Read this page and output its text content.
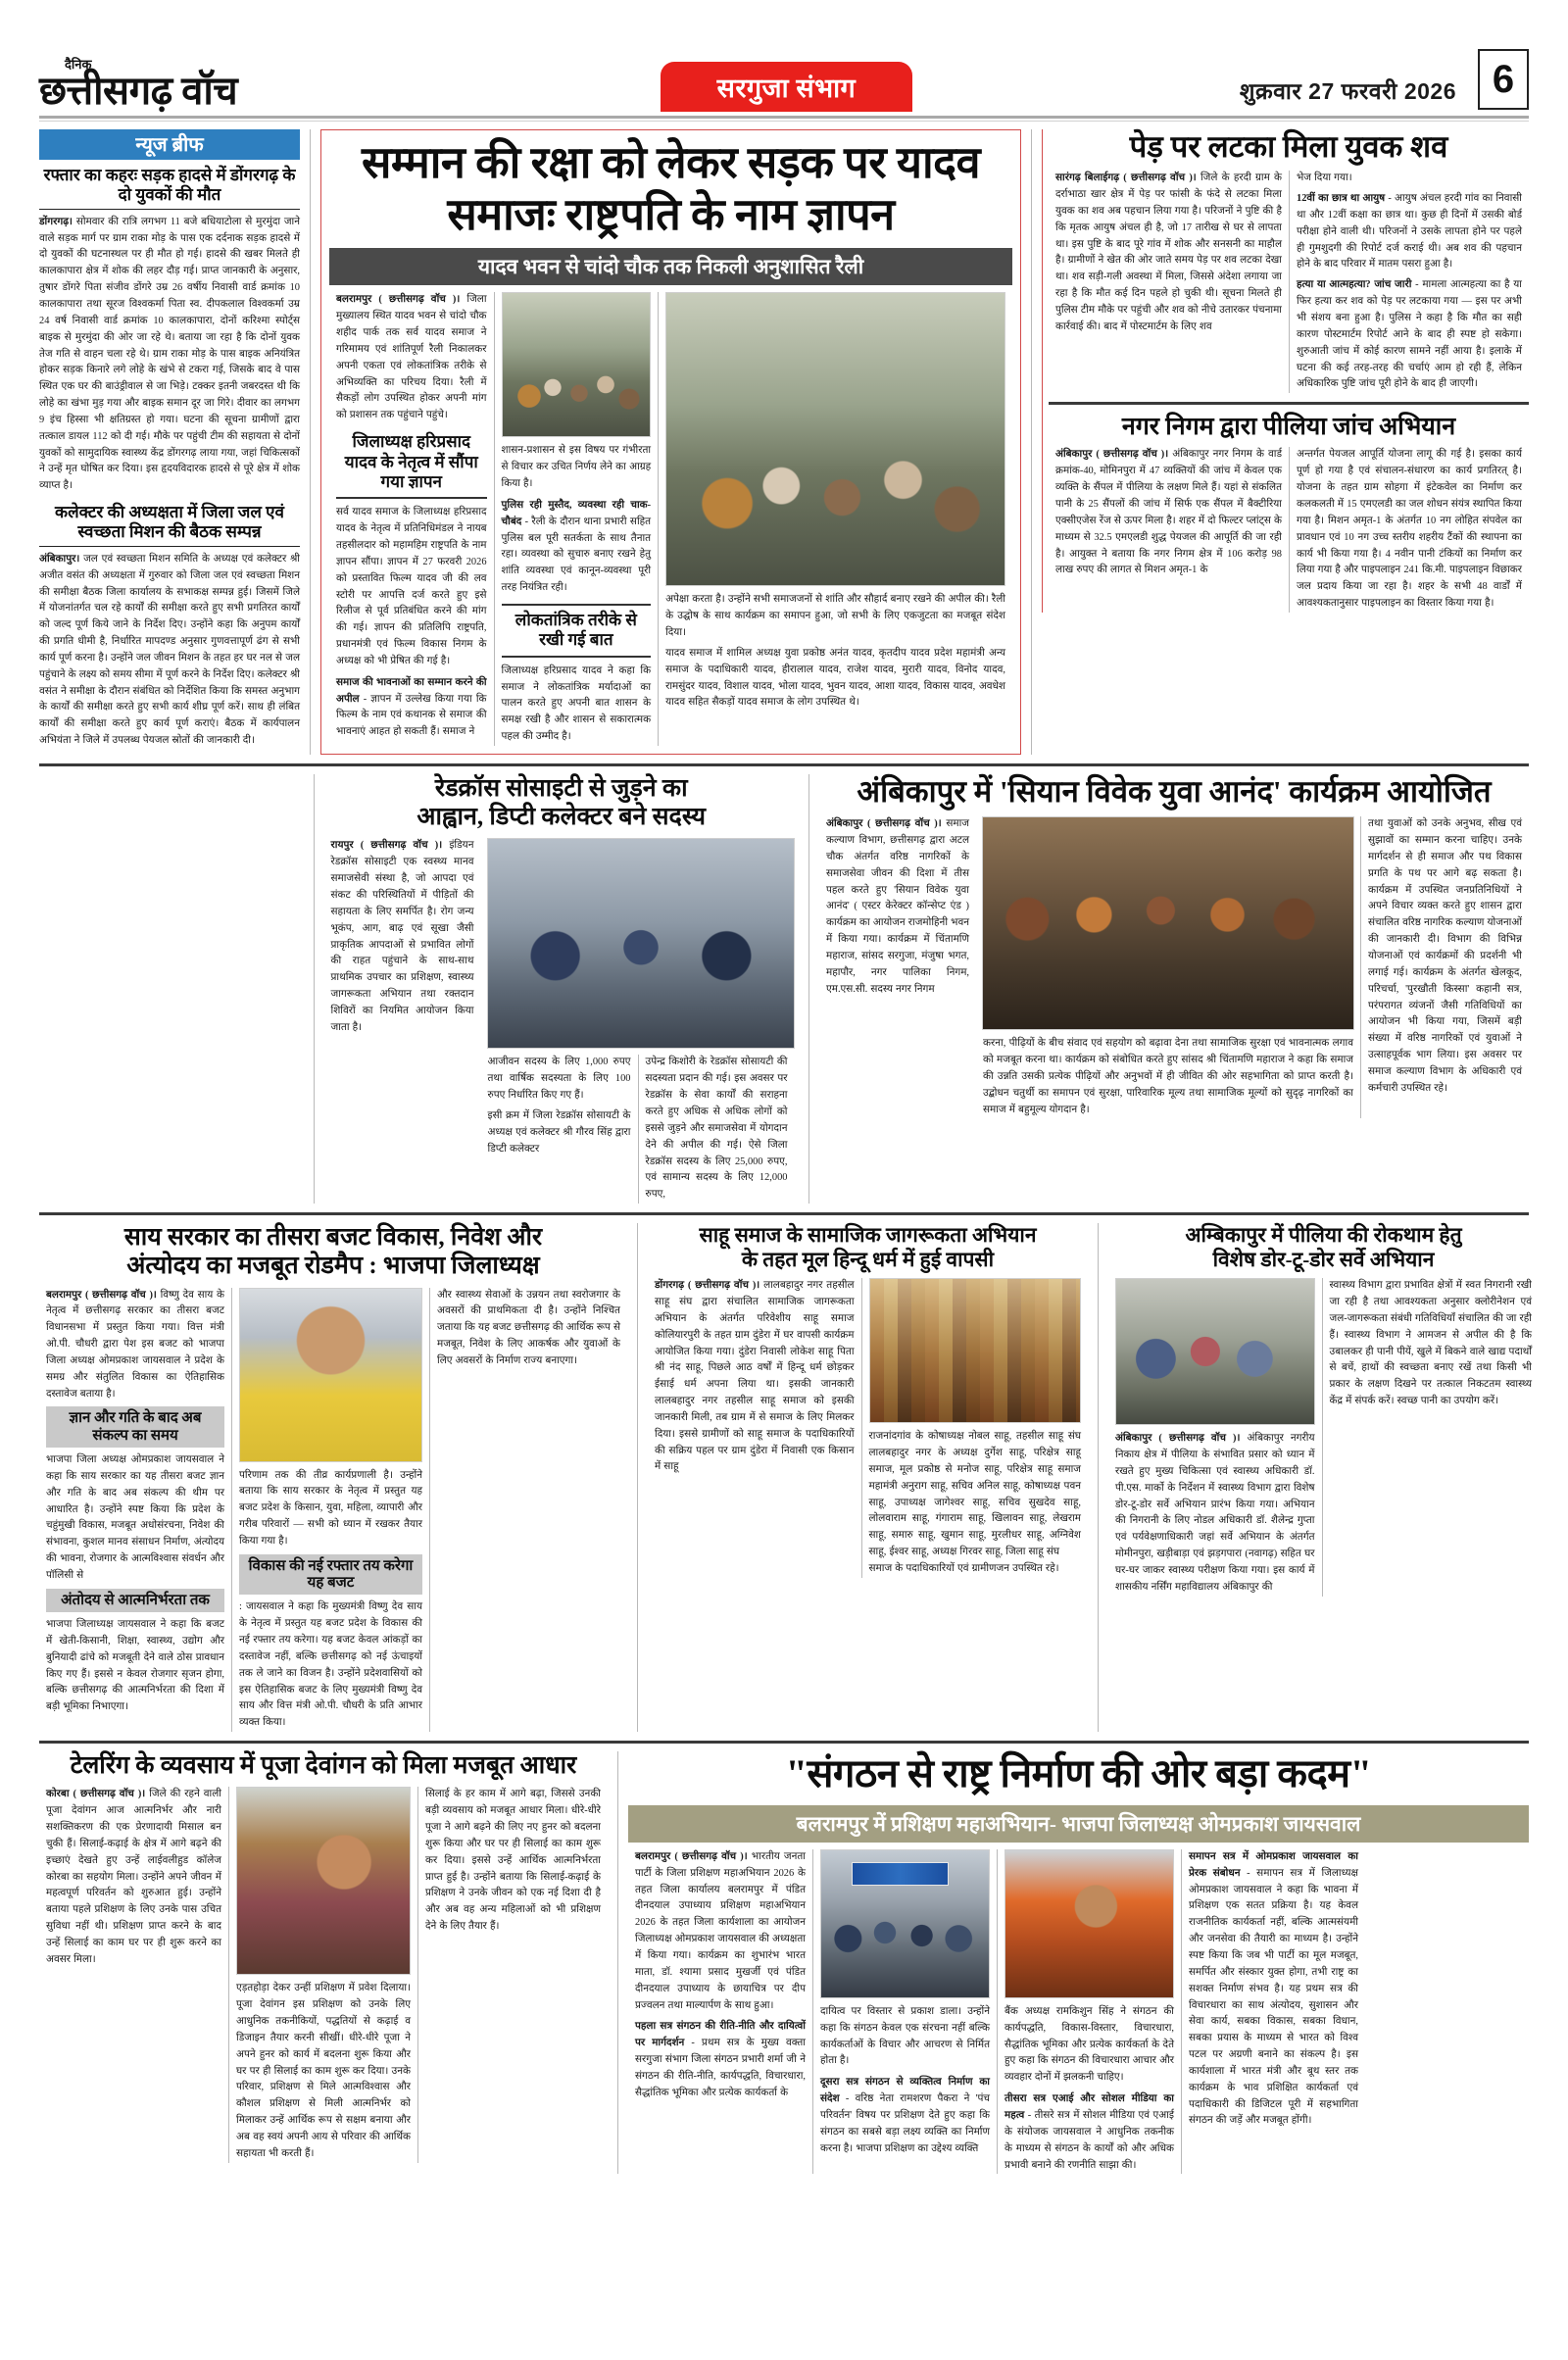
दैनिक
छत्तीसगढ़ वॉच	सरगुजा संभाग	शुक्रवार 27 फरवरी 2026 6
न्यूज ब्रीफ
रफ्तार का कहरः सड़क हादसे में डोंगरगढ़ के दो युवकों की मौत
डोंगरगढ़। सोमवार की रात्रि लगभग 11 बजे बधियाटोला से मुरमुंदा जाने वाले सड़क मार्ग पर ग्राम राका मोड़ के पास एक दर्दनाक सड़क हादसे में दो युवकों की घटनास्थल पर ही मौत हो गई। हादसे की खबर मिलते ही कालकापारा क्षेत्र में शोक की लहर दौड़ गई। प्राप्त जानकारी के अनुसार, तुषार डोंगरे पिता संजीव डोंगरे उम्र 26 वर्षीय निवासी वार्ड क्रमांक 10 कालकापारा तथा सूरज विश्वकर्मा पिता स्व. दीपकलाल विश्वकर्मा उम्र 24 वर्ष निवासी वार्ड क्रमांक 10 कालकापारा, दोनों करिश्मा स्पोर्ट्स बाइक से मुरमुंदा की ओर जा रहे थे। बताया जा रहा है कि दोनों युवक तेज गति से वाहन चला रहे थे। ग्राम राका मोड़ के पास बाइक अनियंत्रित होकर सड़क किनारे लगे लोहे के खंभे से टकरा गई, जिसके बाद वे पास स्थित एक घर की बाउंड्रीवाल से जा भिड़े। टक्कर इतनी जबरदस्त थी कि लोहे का खंभा मुड़ गया और बाइक समान दूर जा गिरे। दीवार का लगभग 9 इंच हिस्सा भी क्षतिग्रस्त हो गया। घटना की सूचना ग्रामीणों द्वारा तत्काल डायल 112 को दी गई। मौके पर पहुंची टीम की सहायता से दोनों युवकों को सामुदायिक स्वास्थ्य केंद्र डोंगरगढ़ लाया गया, जहां चिकित्सकों ने उन्हें मृत घोषित कर दिया। इस हृदयविदारक हादसे से पूरे क्षेत्र में शोक व्याप्त है।
कलेक्टर की अध्यक्षता में जिला जल एवं स्वच्छता मिशन की बैठक सम्पन्न
अंबिकापुर। जल एवं स्वच्छता मिशन समिति के अध्यक्ष एवं कलेक्टर श्री अजीत वसंत की अध्यक्षता में गुरुवार को जिला जल एवं स्वच्छता मिशन की समीक्षा बैठक जिला कार्यालय के सभाकक्ष सम्पन्न हुई। जिसमें जिले में योजनांतर्गत चल रहे कार्यों की समीक्षा करते हुए सभी प्रगतिरत कार्यों को जल्द पूर्ण किये जाने के निर्देश दिए। उन्होंने कहा कि अनुपम कार्यों की प्रगति धीमी है, निर्धारित मापदण्ड अनुसार गुणवत्तापूर्ण ढंग से सभी कार्य पूर्ण करना है। उन्होंने जल जीवन मिशन के तहत हर घर नल से जल पहुंचाने के लक्ष्य को समय सीमा में पूर्ण करने के निर्देश दिए। कलेक्टर श्री वसंत ने समीक्षा के दौरान संबंधित को निर्देशित किया कि समस्त अनुभाग के कार्यों की समीक्षा करते हुए सभी कार्य शीघ्र पूर्ण करें। साथ ही लंबित कार्यों की समीक्षा करते हुए कार्य पूर्ण कराएं। बैठक में कार्यपालन अभियंता ने जिले में उपलब्ध पेयजल स्रोतों की जानकारी दी।
सम्मान की रक्षा को लेकर सड़क पर यादव
समाजः राष्ट्रपति के नाम ज्ञापन
यादव भवन से चांदो चौक तक निकली अनुशासित रैली
बलरामपुर ( छत्तीसगढ़ वॉच )। जिला मुख्यालय स्थित यादव भवन से चांदो चौक शहीद पार्क तक सर्व यादव समाज ने गरिमामय एवं शांतिपूर्ण रैली निकालकर अपनी एकता एवं लोकतांत्रिक तरीके से अभिव्यक्ति का परिचय दिया। रैली में सैकड़ों लोग उपस्थित होकर अपनी मांग को प्रशासन तक पहुंचाने पहुंचे।
जिलाध्यक्ष हरिप्रसाद यादव के नेतृत्व में सौंपा गया ज्ञापन
सर्व यादव समाज के जिलाध्यक्ष हरिप्रसाद यादव के नेतृत्व में प्रतिनिधिमंडल ने नायब तहसीलदार को महामहिम राष्ट्रपति के नाम ज्ञापन सौंपा। ज्ञापन में 27 फरवरी 2026 को प्रस्तावित फिल्म यादव जी की लव स्टोरी पर आपत्ति दर्ज करते हुए इसे रिलीज से पूर्व प्रतिबंधित करने की मांग की गई। ज्ञापन की प्रतिलिपि राष्ट्रपति, प्रधानमंत्री एवं फिल्म विकास निगम के अध्यक्ष को भी प्रेषित की गई है।
समाज की भावनाओं का सम्मान करने की अपील - ज्ञापन में उल्लेख किया गया कि फिल्म के नाम एवं कथानक से समाज की भावनाएं आहत हो सकती हैं। समाज ने
शासन-प्रशासन से इस विषय पर गंभीरता से विचार कर उचित निर्णय लेने का आग्रह किया है।
पुलिस रही मुस्तैद, व्यवस्था रही चाक-चौबंद - रैली के दौरान थाना प्रभारी सहित पुलिस बल पूरी सतर्कता के साथ तैनात रहा। व्यवस्था को सुचारु बनाए रखने हेतु शांति व्यवस्था एवं कानून-व्यवस्था पूरी तरह नियंत्रित रही।
लोकतांत्रिक तरीके से रखी गई बात
जिलाध्यक्ष हरिप्रसाद यादव ने कहा कि समाज ने लोकतांत्रिक मर्यादाओं का पालन करते हुए अपनी बात शासन के समक्ष रखी है और शासन से सकारात्मक पहल की उम्मीद है।
अपेक्षा करता है। उन्होंने सभी समाजजनों से शांति और सौहार्द बनाए रखने की अपील की। रैली के उद्घोष के साथ कार्यक्रम का समापन हुआ, जो सभी के लिए एकजुटता का मजबूत संदेश दिया।
यादव समाज में शामिल अध्यक्ष युवा प्रकोष्ठ अनंत यादव, कृतदीप यादव प्रदेश महामंत्री अन्य समाज के पदाधिकारी यादव, हीरालाल यादव, राजेश यादव, मुरारी यादव, विनोद यादव, रामसुंदर यादव, विशाल यादव, भोला यादव, भुवन यादव, आशा यादव, विकास यादव, अवधेश यादव सहित सैकड़ों यादव समाज के लोग उपस्थित थे।
पेड़ पर लटका मिला युवक शव
सारंगढ़ बिलाईगढ़ ( छत्तीसगढ़ वॉच )। जिले के हरदी ग्राम के दर्राभाठा खार क्षेत्र में पेड़ पर फांसी के फंदे से लटका मिला युवक का शव अब पहचान लिया गया है। परिजनों ने पुष्टि की है कि मृतक आयुष अंचल ही है, जो 17 तारीख से घर से लापता था। इस पुष्टि के बाद पूरे गांव में शोक और सनसनी का माहौल है। ग्रामीणों ने खेत की ओर जाते समय पेड़ पर शव लटका देखा था। शव सड़ी-गली अवस्था में मिला, जिससे अंदेशा लगाया जा रहा है कि मौत कई दिन पहले हो चुकी थी। सूचना मिलते ही पुलिस टीम मौके पर पहुंची और शव को नीचे उतारकर पंचनामा कार्रवाई की। बाद में पोस्टमार्टम के लिए शव
भेज दिया गया।
12वीं का छात्र था आयुष - आयुष अंचल हरदी गांव का निवासी था और 12वीं कक्षा का छात्र था। कुछ ही दिनों में उसकी बोर्ड परीक्षा होने वाली थी। परिजनों ने उसके लापता होने पर पहले ही गुमशुदगी की रिपोर्ट दर्ज कराई थी। अब शव की पहचान होने के बाद परिवार में मातम पसरा हुआ है।
हत्या या आत्महत्या? जांच जारी - मामला आत्महत्या का है या फिर हत्या कर शव को पेड़ पर लटकाया गया — इस पर अभी भी संशय बना हुआ है। पुलिस ने कहा है कि मौत का सही कारण पोस्टमार्टम रिपोर्ट आने के बाद ही स्पष्ट हो सकेगा। शुरुआती जांच में कोई कारण सामने नहीं आया है। इलाके में घटना की कई तरह-तरह की चर्चाएं आम हो रही हैं, लेकिन अधिकारिक पुष्टि जांच पूरी होने के बाद ही जाएगी।
नगर निगम द्वारा पीलिया जांच अभियान
अंबिकापुर ( छत्तीसगढ़ वॉच )। अंबिकापुर नगर निगम के वार्ड क्रमांक-40, मोमिनपुरा में 47 व्यक्तियों की जांच में केवल एक व्यक्ति के सैंपल में पीलिया के लक्षण मिले हैं। यहां से संकलित पानी के 25 सैंपलों की जांच में सिर्फ एक सैंपल में बैक्टीरिया एक्सीएजेस रेंज से ऊपर मिला है। शहर में दो फिल्टर प्लांट्स के माध्यम से 32.5 एमएलडी शुद्ध पेयजल की आपूर्ति की जा रही है। आयुक्त ने बताया कि नगर निगम क्षेत्र में 106 करोड़ 98 लाख रुपए की लागत से मिशन अमृत-1 के
अन्तर्गत पेयजल आपूर्ति योजना लागू की गई है। इसका कार्य पूर्ण हो गया है एवं संचालन-संधारण का कार्य प्रगतिरत् है। योजना के तहत ग्राम सोहगा में इंटेकवेल का निर्माण कर कलकलती में 15 एमएलडी का जल शोधन संयंत्र स्थापित किया गया है। मिशन अमृत-1 के अंतर्गत 10 नग लोहित संपवेल का प्रावधान एवं 10 नग उच्च स्तरीय शहरीय टैंकों की स्थापना का कार्य भी किया गया है। 4 नवीन पानी टंकियों का निर्माण कर लिया गया है और पाइपलाइन 241 कि.मी. पाइपलाइन विछाकर जल प्रदाय किया जा रहा है। शहर के सभी 48 वार्डों में आवश्यकतानुसार पाइपलाइन का विस्तार किया गया है।

रेडक्रॉस सोसाइटी से जुड़ने का
आह्वान, डिप्टी कलेक्टर बने सदस्य
रायपुर ( छत्तीसगढ़ वॉच )। इंडियन रेडक्रॉस सोसाइटी एक स्वस्थ्य मानव समाजसेवी संस्था है, जो आपदा एवं संकट की परिस्थितियों में पीड़ितों की सहायता के लिए समर्पित है। रोग जन्य भूकंप, आग, बाढ़ एवं सूखा जैसी प्राकृतिक आपदाओं से प्रभावित लोगों की राहत पहुंचाने के साथ-साथ प्राथमिक उपचार का प्रशिक्षण, स्वास्थ्य जागरूकता अभियान तथा रक्तदान शिविरों का नियमित आयोजन किया जाता है।
आजीवन सदस्य के लिए 1,000 रुपए तथा वार्षिक सदस्यता के लिए 100 रुपए निर्धारित किए गए हैं।
इसी क्रम में जिला रेडक्रॉस सोसायटी के अध्यक्ष एवं कलेक्टर श्री गौरव सिंह द्वारा डिप्टी कलेक्टर
उपेन्द्र किशोरी के रेडक्रॉस सोसायटी की सदस्यता प्रदान की गई। इस अवसर पर रेडक्रॉस के सेवा कार्यों की सराहना करते हुए अधिक से अधिक लोगों को इससे जुड़ने और समाजसेवा में योगदान देने की अपील की गई। ऐसे जिला रेडक्रॉस सदस्य के लिए 25,000 रुपए, एवं सामान्य सदस्य के लिए 12,000 रुपए,
अंबिकापुर में 'सियान विवेक युवा आनंद' कार्यक्रम आयोजित
अंबिकापुर ( छत्तीसगढ़ वॉच )। समाज कल्याण विभाग, छत्तीसगढ़ द्वारा अटल चौक अंतर्गत वरिष्ठ नागरिकों के समाजसेवा जीवन की दिशा में तीस पहल करते हुए 'सियान विवेक युवा आनंद' ( एस्टर केरेक्टर कॉन्सेप्ट एंड ) कार्यक्रम का आयोजन राजमोहिनी भवन में किया गया। कार्यक्रम में चिंतामणि महाराज, सांसद सरगुजा, मंजुषा भगत, महापौर, नगर पालिका निगम, एम.एस.सी. सदस्य नगर निगम
करना, पीढ़ियों के बीच संवाद एवं सहयोग को बढ़ावा देना तथा सामाजिक सुरक्षा एवं भावनात्मक लगाव को मजबूत करना था। कार्यक्रम को संबोधित करते हुए सांसद श्री चिंतामणि महाराज ने कहा कि समाज की उन्नति उसकी प्रत्येक पीढ़ियों और अनुभवों में ही जीवित की ओर सहभागिता को प्राप्त करती है। उद्बोधन चतुर्थी का समापन एवं सुरक्षा, पारिवारिक मूल्य तथा सामाजिक मूल्यों को सुदृढ़ नागरिकों का समाज में बहुमूल्य योगदान है।
तथा युवाओं को उनके अनुभव, सीख एवं सुझावों का सम्मान करना चाहिए। उनके मार्गदर्शन से ही समाज और पथ विकास प्रगति के पथ पर आगे बढ़ सकता है। कार्यक्रम में उपस्थित जनप्रतिनिधियों ने अपने विचार व्यक्त करते हुए शासन द्वारा संचालित वरिष्ठ नागरिक कल्याण योजनाओं की जानकारी दी। विभाग की विभिन्न योजनाओं एवं कार्यक्रमों की प्रदर्शनी भी लगाई गई। कार्यक्रम के अंतर्गत खेलकूद, परिचर्चा, 'पुरखौती किस्सा' कहानी सत्र, परंपरागत व्यंजनों जैसी गतिविधियों का आयोजन भी किया गया, जिसमें बड़ी संख्या में वरिष्ठ नागरिकों एवं युवाओं ने उत्साहपूर्वक भाग लिया। इस अवसर पर समाज कल्याण विभाग के अधिकारी एवं कर्मचारी उपस्थित रहे।
साय सरकार का तीसरा बजट विकास, निवेश और
अंत्योदय का मजबूत रोडमैप : भाजपा जिलाध्यक्ष
बलरामपुर ( छत्तीसगढ़ वॉच )। विष्णु देव साय के नेतृत्व में छत्तीसगढ़ सरकार का तीसरा बजट विधानसभा में प्रस्तुत किया गया। वित्त मंत्री ओ.पी. चौधरी द्वारा पेश इस बजट को भाजपा जिला अध्यक्ष ओमप्रकाश जायसवाल ने प्रदेश के समग्र और संतुलित विकास का ऐतिहासिक दस्तावेज बताया है।
ज्ञान और गति के बाद अब संकल्प का समय
भाजपा जिला अध्यक्ष ओमप्रकाश जायसवाल ने कहा कि साय सरकार का यह तीसरा बजट ज्ञान और गति के बाद अब संकल्प की थीम पर आधारित है। उन्होंने स्पष्ट किया कि प्रदेश के चहुंमुखी विकास, मजबूत अधोसंरचना, निवेश की संभावना, कुशल मानव संसाधन निर्माण, अंत्योदय की भावना, रोजगार के आत्मविश्वास संवर्धन और पॉलिसी से
अंतोदय से आत्मनिर्भरता तक
भाजपा जिलाध्यक्ष जायसवाल ने कहा कि बजट में खेती-किसानी, शिक्षा, स्वास्थ्य, उद्योग और बुनियादी ढांचे को मजबूती देने वाले ठोस प्रावधान किए गए हैं। इससे न केवल रोजगार सृजन होगा, बल्कि छत्तीसगढ़ की आत्मनिर्भरता की दिशा में बड़ी भूमिका निभाएगा।
परिणाम तक की तीव्र कार्यप्रणाली है। उन्होंने बताया कि साय सरकार के नेतृत्व में प्रस्तुत यह बजट प्रदेश के किसान, युवा, महिला, व्यापारी और गरीब परिवारों — सभी को ध्यान में रखकर तैयार किया गया है।
विकास की नई रफ्तार तय करेगा यह बजट
: जायसवाल ने कहा कि मुख्यमंत्री विष्णु देव साय के नेतृत्व में प्रस्तुत यह बजट प्रदेश के विकास की नई रफ्तार तय करेगा। यह बजट केवल आंकड़ों का दस्तावेज नहीं, बल्कि छत्तीसगढ़ को नई ऊंचाइयों तक ले जाने का विजन है। उन्होंने प्रदेशवासियों को इस ऐतिहासिक बजट के लिए मुख्यमंत्री विष्णु देव साय और वित्त मंत्री ओ.पी. चौधरी के प्रति आभार व्यक्त किया।
और स्वास्थ्य सेवाओं के उन्नयन तथा स्वरोजगार के अवसरों की प्राथमिकता दी है। उन्होंने निश्चित जताया कि यह बजट छत्तीसगढ़ की आर्थिक रूप से मजबूत, निवेश के लिए आकर्षक और युवाओं के लिए अवसरों के निर्माण राज्य बनाएगा।
साहू समाज के सामाजिक जागरूकता अभियान
के तहत मूल हिन्दू धर्म में हुई वापसी
डोंगरगढ़ ( छत्तीसगढ़ वॉच )। लालबहादुर नगर तहसील साहू संघ द्वारा संचालित सामाजिक जागरूकता अभियान के अंतर्गत परिवेशीय साहू समाज कोलियारपुरी के तहत ग्राम दुंडेरा में घर वापसी कार्यक्रम आयोजित किया गया। दुंडेरा निवासी लोकेश साहू पिता श्री नंद साहू, पिछले आठ वर्षों में हिन्दू धर्म छोड़कर ईसाई धर्म अपना लिया था। इसकी जानकारी लालबहादुर नगर तहसील साहू समाज को इसकी जानकारी मिली, तब ग्राम में से समाज के लिए मिलकर दिया। इससे ग्रामीणों को साहू समाज के पदाधिकारियों की सक्रिय पहल पर ग्राम दुंडेरा में निवासी एक किसान में साहू
राजनांदगांव के कोषाध्यक्ष नोबल साहू, तहसील साहू संघ लालबहादुर नगर के अध्यक्ष दुर्गेश साहू, परिक्षेत्र साहू समाज, मूल प्रकोष्ठ से मनोज साहू, परिक्षेत्र साहू समाज महामंत्री अनुराग साहू, सचिव अनिल साहू, कोषाध्यक्ष पवन साहू, उपाध्यक्ष जागेश्वर साहू, सचिव सुखदेव साहू, लोलवाराम साहू, गंगाराम साहू, खिलावन साहू, लेखराम साहू, समारु साहू, खुमान साहू, मुरलीधर साहू, अग्निवेश साहू, ईश्वर साहू, अध्यक्ष गिरवर साहू, जिला साहू संघ
समाज के पदाधिकारियों एवं ग्रामीणजन उपस्थित रहे।
अम्बिकापुर में पीलिया की रोकथाम हेतु
विशेष डोर-टू-डोर सर्वे अभियान
अंबिकापुर ( छत्तीसगढ़ वॉच )। अंबिकापुर नगरीय निकाय क्षेत्र में पीलिया के संभावित प्रसार को ध्यान में रखते हुए मुख्य चिकित्सा एवं स्वास्थ्य अधिकारी डॉ. पी.एस. मार्को के निर्देशन में स्वास्थ्य विभाग द्वारा विशेष डोर-टू-डोर सर्वे अभियान प्रारंभ किया गया। अभियान की निगरानी के लिए नोडल अधिकारी डॉ. शैलेन्द्र गुप्ता एवं पर्यवेक्षणाधिकारी जहां सर्वे अभियान के अंतर्गत मोमीनपुरा, खड़ीबाड़ा एवं झड़गपारा (नवागढ़) सहित घर घर-घर जाकर स्वास्थ्य परीक्षण किया गया। इस कार्य में शासकीय नर्सिंग महाविद्यालय अंबिकापुर की
स्वास्थ्य विभाग द्वारा प्रभावित क्षेत्रों में स्वत निगरानी रखी जा रही है तथा आवश्यकता अनुसार क्लोरीनेशन एवं जल-जागरूकता संबंधी गतिविधियाँ संचालित की जा रही हैं। स्वास्थ्य विभाग ने आमजन से अपील की है कि उबालकर ही पानी पीयें, खुले में बिकने वाले खाद्य पदार्थों से बचें, हाथों की स्वच्छता बनाए रखें तथा किसी भी प्रकार के लक्षण दिखने पर तत्काल निकटतम स्वास्थ्य केंद्र में संपर्क करें। स्वच्छ पानी का उपयोग करें।
टेलरिंग के व्यवसाय में पूजा देवांगन को मिला मजबूत आधार
कोरबा ( छत्तीसगढ़ वॉच )। जिले की रहने वाली पूजा देवांगन आज आत्मनिर्भर और नारी सशक्तिकरण की एक प्रेरणादायी मिसाल बन चुकी हैं। सिलाई-कढ़ाई के क्षेत्र में आगे बढ़ने की इच्छाएं देखते हुए उन्हें लाईवलीहुड कॉलेज कोरबा का सहयोग मिला। उन्होंने अपने जीवन में महत्वपूर्ण परिवर्तन को शुरुआत हुई। उन्होंने बताया पहले प्रशिक्षण के लिए उनके पास उचित सुविधा नहीं थी। प्रशिक्षण प्राप्त करने के बाद उन्हें सिलाई का काम घर पर ही शुरू करने का अवसर मिला।
एड़तहोड़ा देकर उन्हीं प्रशिक्षण में प्रवेश दिलाया। पूजा देवांगन इस प्रशिक्षण को उनके लिए आधुनिक तकनीकियों, पद्धतियों से कढ़ाई व डिजाइन तैयार करनी सीखीं। धीरे-धीरे पूजा ने अपने हुनर को कार्य में बदलना शुरू किया और घर पर ही सिलाई का काम शुरू कर दिया। उनके परिवार, प्रशिक्षण से मिले आत्मविश्वास और कौशल प्रशिक्षण से मिली आत्मनिर्भर को मिलाकर उन्हें आर्थिक रूप से सक्षम बनाया और अब वह स्वयं अपनी आय से परिवार की आर्थिक सहायता भी करती हैं।
सिलाई के हर काम में आगे बढ़ा, जिससे उनकी बड़ी व्यवसाय को मजबूत आधार मिला। धीरे-धीरे पूजा ने आगे बढ़ने की लिए नए हुनर को बदलना शुरू किया और घर पर ही सिलाई का काम शुरू कर दिया। इससे उन्हें आर्थिक आत्मनिर्भरता प्राप्त हुई है। उन्होंने बताया कि सिलाई-कढ़ाई के प्रशिक्षण ने उनके जीवन को एक नई दिशा दी है और अब वह अन्य महिलाओं को भी प्रशिक्षण देने के लिए तैयार हैं।
"संगठन से राष्ट्र निर्माण की ओर बड़ा कदम"
बलरामपुर में प्रशिक्षण महाअभियान- भाजपा जिलाध्यक्ष ओमप्रकाश जायसवाल
बलरामपुर ( छत्तीसगढ़ वॉच )। भारतीय जनता पार्टी के जिला प्रशिक्षण महाअभियान 2026 के तहत जिला कार्यालय बलरामपुर में पंडित दीनदयाल उपाध्याय प्रशिक्षण महाअभियान 2026 के तहत जिला कार्यशाला का आयोजन जिलाध्यक्ष ओमप्रकाश जायसवाल की अध्यक्षता में किया गया। कार्यक्रम का शुभारंभ भारत माता, डॉ. श्यामा प्रसाद मुखर्जी एवं पंडित दीनदयाल उपाध्याय के छायाचित्र पर दीप प्रज्वलन तथा माल्यार्पण के साथ हुआ।
पहला सत्र संगठन की रीति-नीति और दायित्वों पर मार्गदर्शन - प्रथम सत्र के मुख्य वक्ता सरगुजा संभाग जिला संगठन प्रभारी शर्मा जी ने संगठन की रीति-नीति, कार्यपद्धति, विचारधारा, सैद्धांतिक भूमिका और प्रत्येक कार्यकर्ता के
दायित्व पर विस्तार से प्रकाश डाला। उन्होंने कहा कि संगठन केवल एक संरचना नहीं बल्कि कार्यकर्ताओं के विचार और आचरण से निर्मित होता है।
दूसरा सत्र संगठन से व्यक्तित्व निर्माण का संदेश - वरिष्ठ नेता रामशरण पैकरा ने 'पंच परिवर्तन' विषय पर प्रशिक्षण देते हुए कहा कि संगठन का सबसे बड़ा लक्ष्य व्यक्ति का निर्माण करना है। भाजपा प्रशिक्षण का उद्देश्य व्यक्ति
बैंक अध्यक्ष रामकिशुन सिंह ने संगठन की कार्यपद्धति, विकास-विस्तार, विचारधारा, सैद्धांतिक भूमिका और प्रत्येक कार्यकर्ता के देते हुए कहा कि संगठन की विचारधारा आचार और व्यवहार दोनों में झलकनी चाहिए।
तीसरा सत्र एआई और सोशल मीडिया का महत्व - तीसरे सत्र में सोशल मीडिया एवं एआई के संयोजक जायसवाल ने आधुनिक तकनीक के माध्यम से संगठन के कार्यों को और अधिक प्रभावी बनाने की रणनीति साझा की।
समापन सत्र में ओमप्रकाश जायसवाल का प्रेरक संबोधन - समापन सत्र में जिलाध्यक्ष ओमप्रकाश जायसवाल ने कहा कि भावना में प्रशिक्षण एक सतत प्रक्रिया है। यह केवल राजनीतिक कार्यकर्ता नहीं, बल्कि आत्मसंयमी और जनसेवा की तैयारी का माध्यम है। उन्होंने स्पष्ट किया कि जब भी पार्टी का मूल मजबूत, समर्पित और संस्कार युक्त होगा, तभी राष्ट्र का सशक्त निर्माण संभव है। यह प्रथम सत्र की विचारधारा का साथ अंत्योदय, सुशासन और सेवा कार्य, सबका विकास, सबका विधान, सबका प्रयास के माध्यम से भारत को विश्व पटल पर अग्रणी बनाने का संकल्प है। इस कार्यशाला में भारत मंत्री और बूथ स्तर तक कार्यक्रम के भाव प्रशिक्षित कार्यकर्ता एवं पदाधिकारी की डिजिटल पूरी में सहभागिता संगठन की जड़ें और मजबूत होंगी।
